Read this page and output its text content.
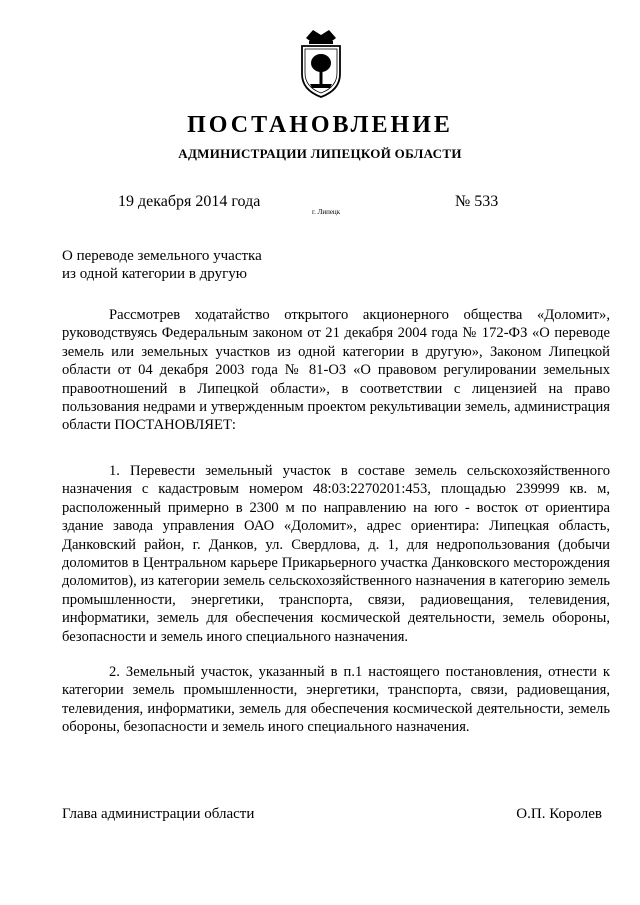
ПОСТАНОВЛЕНИЕ
АДМИНИСТРАЦИИ ЛИПЕЦКОЙ ОБЛАСТИ
19 декабря 2014 года
г. Липецк
№ 533
О переводе земельного участка
из одной категории в другую

Рассмотрев ходатайство открытого акционерного общества «Доломит», руководствуясь Федеральным законом от 21 декабря 2004 года № 172-ФЗ «О переводе земель или земельных участков из одной категории в другую», Законом Липецкой области от 04 декабря 2003 года № 81-ОЗ «О правовом регулировании земельных правоотношений в Липецкой области», в соответствии с лицензией на право пользования недрами и утвержденным проектом рекультивации земель, администрация области ПОСТАНОВЛЯЕТ:

1. Перевести земельный участок в составе земель сельскохозяйственного назначения с кадастровым номером 48:03:2270201:453, площадью 239999 кв. м, расположенный примерно в 2300 м по направлению на юго - восток от ориентира здание завода управления ОАО «Доломит», адрес ориентира: Липецкая область, Данковский район, г. Данков, ул. Свердлова, д. 1, для недропользования (добычи доломитов в Центральном карьере Прикарьерного участка Данковского месторождения доломитов), из категории земель сельскохозяйственного назначения в категорию земель промышленности, энергетики, транспорта, связи, радиовещания, телевидения, информатики, земель для обеспечения космической деятельности, земель обороны, безопасности и земель иного специального назначения.

2. Земельный участок, указанный в п.1 настоящего постановления, отнести к категории земель промышленности, энергетики, транспорта, связи, радиовещания, телевидения, информатики, земель для обеспечения космической деятельности, земель обороны, безопасности и земель иного специального назначения.

Глава администрации области	О.П. Королев
